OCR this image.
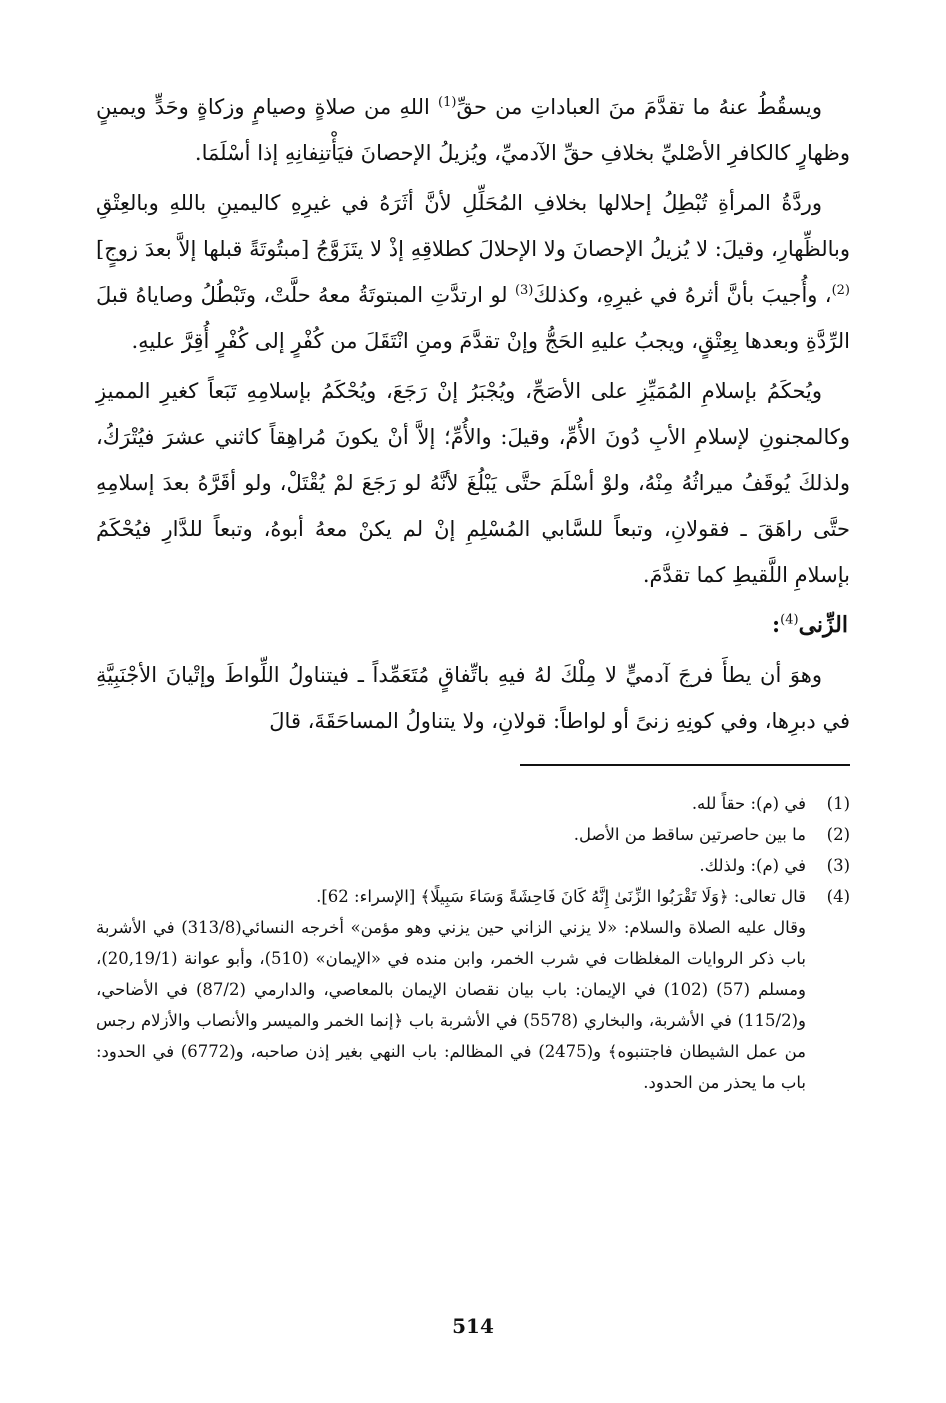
ويسقُطُ عنهُ ما تقدَّمَ منَ العباداتِ من حقِّ$^{(1)}$ اللهِ من صلاةٍ وصيامٍ وزكاةٍ وحَدٍّ ويمينٍ وظهارٍ كالكافرِ الأصْليِّ بخلافِ حقِّ الآدميِّ، ويُزيلُ الإحصانَ فيَأْتنِفانِهِ إذا أسْلَمَا.

وردَّةُ المرأةِ تُبْطِلُ إحلالها بخلافِ المُحَلِّلِ لأنَّ أثَرَهُ في غيرِهِ كاليمينِ باللهِ وبالعِتْقِ وبالظِّهارِ، وقيلَ: لا يُزيلُ الإحصانَ ولا الإحلالَ كطلاقِهِ إذْ لا يتَزَوَّجُ [مبتُوتَةً قبلها إلاَّ بعدَ زوجٍ]$^{(2)}$، وأُجيبَ بأنَّ أثرهُ في غيرِهِ، وكذلكَ$^{(3)}$ لو ارتدَّتِ المبتوتَةُ معهُ حلَّتْ، وتَبْطُلُ وصاياهُ قبلَ الرِّدَّةِ وبعدها بِعِتْقٍ، ويجبُ عليهِ الحَجُّ وإنْ تقدَّمَ ومنِ انْتَقَلَ من كُفْرٍ إلى كُفْرٍ أُقِرَّ عليهِ.

ويُحكَمُ بإسلامِ المُمَيِّزِ على الأصَحِّ، ويُجْبَرُ إنْ رَجَعَ، ويُحْكَمُ بإسلامِهِ تَبَعاً كغيرِ المميزِ وكالمجنونِ لإسلامِ الأبِ دُونَ الأُمِّ، وقيلَ: والأُمِّ؛ إلاَّ أنْ يكونَ مُراهِقاً كاثني عشرَ فيُتْرَكُ، ولذلكَ يُوقَفُ ميراثُهُ مِنْهُ، ولوْ أسْلَمَ حتَّى يَبْلُغَ لأنَّهُ لو رَجَعَ لمْ يُقْتَلْ، ولو أقَرَّهُ بعدَ إسلامِهِ حتَّى راهَقَ ـ فقولانِ، وتبعاً للسَّابي المُسْلِمِ إنْ لم يكنْ معهُ أبوهُ، وتبعاً للدَّارِ فيُحْكَمُ بإسلامِ اللَّقيطِ كما تقدَّمَ.

الزِّنى$^{(4)}$:

وهوَ أن يطأَ فرجَ آدميٍّ لا مِلْكَ لهُ فيهِ باتِّفاقٍ مُتَعَمِّداً ـ فيتناولُ اللِّواطَ وإتْيانَ الأجْنَبِيَّةِ في دبرِها، وفي كونِهِ زنىً أو لواطاً: قولانِ، ولا يتناولُ المساحَقَةَ، قالَ

(1)
في (م): حقاً لله.
(2)
ما بين حاصرتين ساقط من الأصل.
(3)
في (م): ولذلك.
(4)
قال تعالى: ﴿وَلَا تَقْرَبُوا الزِّنَىٰ إِنَّهُ كَانَ فَاحِشَةً وَسَاءَ سَبِيلًا﴾ [الإسراء: 62].
وقال عليه الصلاة والسلام: «لا يزني الزاني حين يزني وهو مؤمن» أخرجه النسائي(313/8) في الأشربة باب ذكر الروايات المغلظات في شرب الخمر، وابن منده في «الإيمان» (510)، وأبو عوانة (20,19/1)، ومسلم (57) (102) في الإيمان: باب بيان نقصان الإيمان بالمعاصي، والدارمي (87/2) في الأضاحي، و(115/2) في الأشربة، والبخاري (5578) في الأشربة باب ﴿إنما الخمر والميسر والأنصاب والأزلام رجس من عمل الشيطان فاجتنبوه﴾ و(2475) في المظالم: باب النهي بغير إذن صاحبه، و(6772) في الحدود: باب ما يحذر من الحدود.
514
